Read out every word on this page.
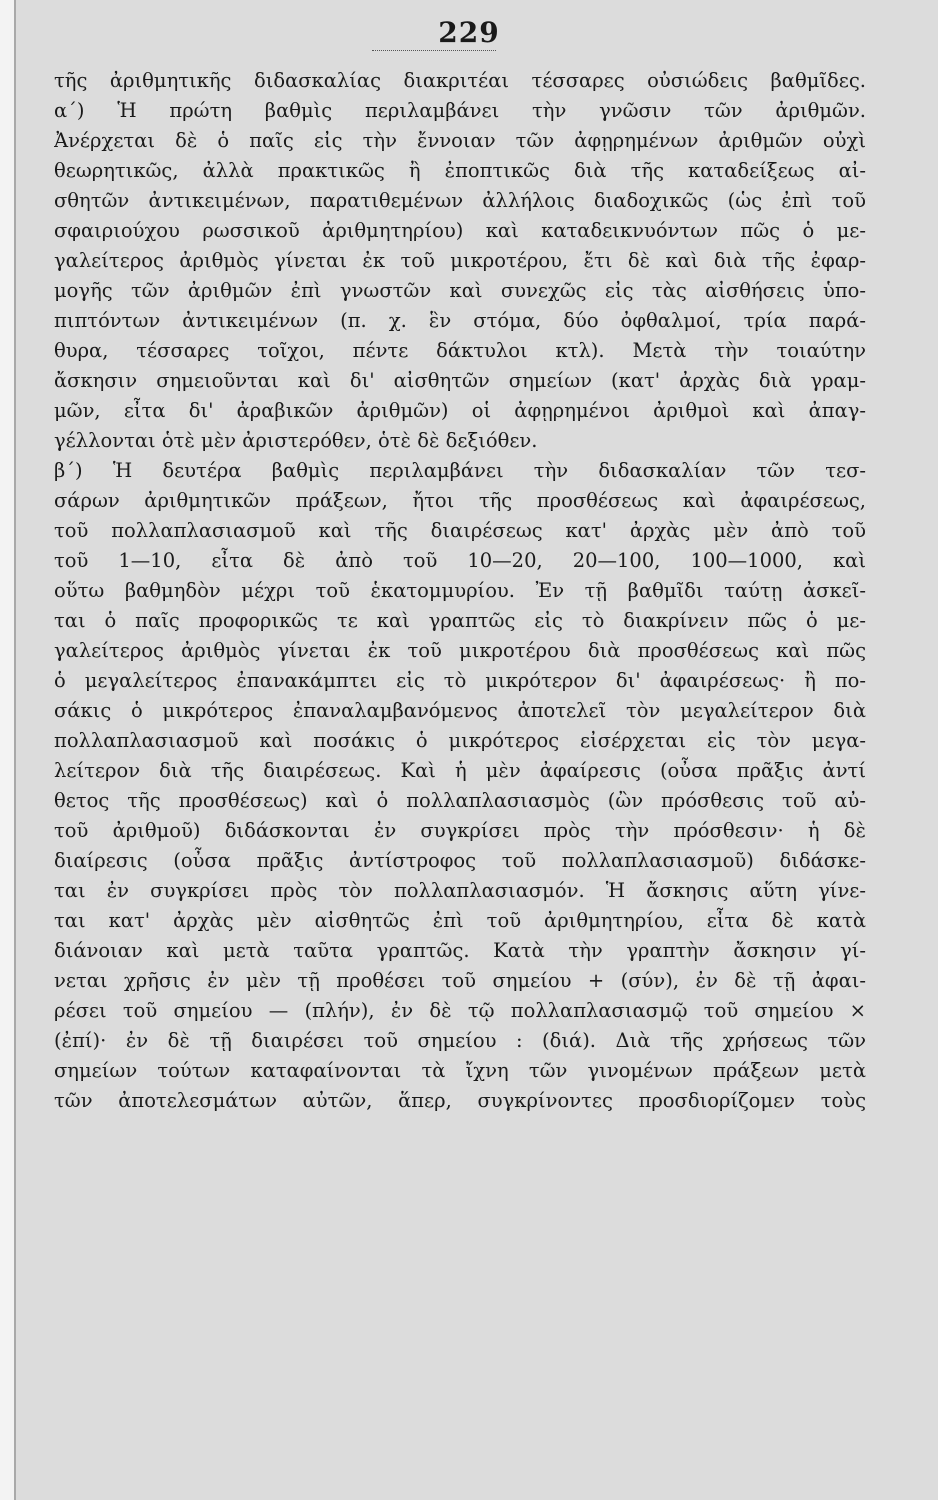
229
τῆς ἀριθμητικῆς διδασκαλίας διακριτέαι τέσσαρες οὐσιώδεις βαθμῖδες.
α΄) Ἡ πρώτη βαθμὶς περιλαμβάνει τὴν γνῶσιν τῶν ἀριθμῶν.
Ἀνέρχεται δὲ ὁ παῖς εἰς τὴν ἔννοιαν τῶν ἀφῃρημένων ἀριθμῶν οὐχὶ
θεωρητικῶς, ἀλλὰ πρακτικῶς ἢ ἐποπτικῶς διὰ τῆς καταδείξεως αἰ-
σθητῶν ἀντικειμένων, παρατιθεμένων ἀλλήλοις διαδοχικῶς (ὡς ἐπὶ τοῦ
σφαιριούχου ρωσσικοῦ ἀριθμητηρίου) καὶ καταδεικνυόντων πῶς ὁ με-
γαλείτερος ἀριθμὸς γίνεται ἐκ τοῦ μικροτέρου, ἔτι δὲ καὶ διὰ τῆς ἐφαρ-
μογῆς τῶν ἀριθμῶν ἐπὶ γνωστῶν καὶ συνεχῶς εἰς τὰς αἰσθήσεις ὑπο-
πιπτόντων ἀντικειμένων (π. χ. ἓν στόμα, δύο ὀφθαλμοί, τρία παρά-
θυρα, τέσσαρες τοῖχοι, πέντε δάκτυλοι κτλ). Μετὰ τὴν τοιαύτην
ἄσκησιν σημειοῦνται καὶ δι' αἰσθητῶν σημείων (κατ' ἀρχὰς διὰ γραμ-
μῶν, εἶτα δι' ἀραβικῶν ἀριθμῶν) οἱ ἀφῃρημένοι ἀριθμοὶ καὶ ἀπαγ-
γέλλονται ὁτὲ μὲν ἀριστερόθεν, ὁτὲ δὲ δεξιόθεν.
β΄) Ἡ δευτέρα βαθμὶς περιλαμβάνει τὴν διδασκαλίαν τῶν τεσ-
σάρων ἀριθμητικῶν πράξεων, ἤτοι τῆς προσθέσεως καὶ ἀφαιρέσεως,
τοῦ πολλαπλασιασμοῦ καὶ τῆς διαιρέσεως κατ' ἀρχὰς μὲν ἀπὸ τοῦ
τοῦ 1—10, εἶτα δὲ ἀπὸ τοῦ 10—20, 20—100, 100—1000, καὶ
οὕτω βαθμηδὸν μέχρι τοῦ ἑκατομμυρίου. Ἐν τῇ βαθμῖδι ταύτῃ ἀσκεῖ-
ται ὁ παῖς προφορικῶς τε καὶ γραπτῶς εἰς τὸ διακρίνειν πῶς ὁ με-
γαλείτερος ἀριθμὸς γίνεται ἐκ τοῦ μικροτέρου διὰ προσθέσεως καὶ πῶς
ὁ μεγαλείτερος ἐπανακάμπτει εἰς τὸ μικρότερον δι' ἀφαιρέσεως· ἢ πο-
σάκις ὁ μικρότερος ἐπαναλαμβανόμενος ἀποτελεῖ τὸν μεγαλείτερον διὰ
πολλαπλασιασμοῦ καὶ ποσάκις ὁ μικρότερος εἰσέρχεται εἰς τὸν μεγα-
λείτερον διὰ τῆς διαιρέσεως. Καὶ ἡ μὲν ἀφαίρεσις (οὖσα πρᾶξις ἀντί
θετος τῆς προσθέσεως) καὶ ὁ πολλαπλασιασμὸς (ὢν πρόσθεσις τοῦ αὐ-
τοῦ ἀριθμοῦ) διδάσκονται ἐν συγκρίσει πρὸς τὴν πρόσθεσιν· ἡ δὲ
διαίρεσις (οὖσα πρᾶξις ἀντίστροφος τοῦ πολλαπλασιασμοῦ) διδάσκε-
ται ἐν συγκρίσει πρὸς τὸν πολλαπλασιασμόν. Ἡ ἄσκησις αὕτη γίνε-
ται κατ' ἀρχὰς μὲν αἰσθητῶς ἐπὶ τοῦ ἀριθμητηρίου, εἶτα δὲ κατὰ
διάνοιαν καὶ μετὰ ταῦτα γραπτῶς. Κατὰ τὴν γραπτὴν ἄσκησιν γί-
νεται χρῆσις ἐν μὲν τῇ προθέσει τοῦ σημείου + (σύν), ἐν δὲ τῇ ἀφαι-
ρέσει τοῦ σημείου — (πλήν), ἐν δὲ τῷ πολλαπλασιασμῷ τοῦ σημείου ×
(ἐπί)· ἐν δὲ τῇ διαιρέσει τοῦ σημείου : (διά). Διὰ τῆς χρήσεως τῶν
σημείων τούτων καταφαίνονται τὰ ἴχνη τῶν γινομένων πράξεων μετὰ
τῶν ἀποτελεσμάτων αὐτῶν, ἅπερ, συγκρίνοντες προσδιορίζομεν τοὺς
